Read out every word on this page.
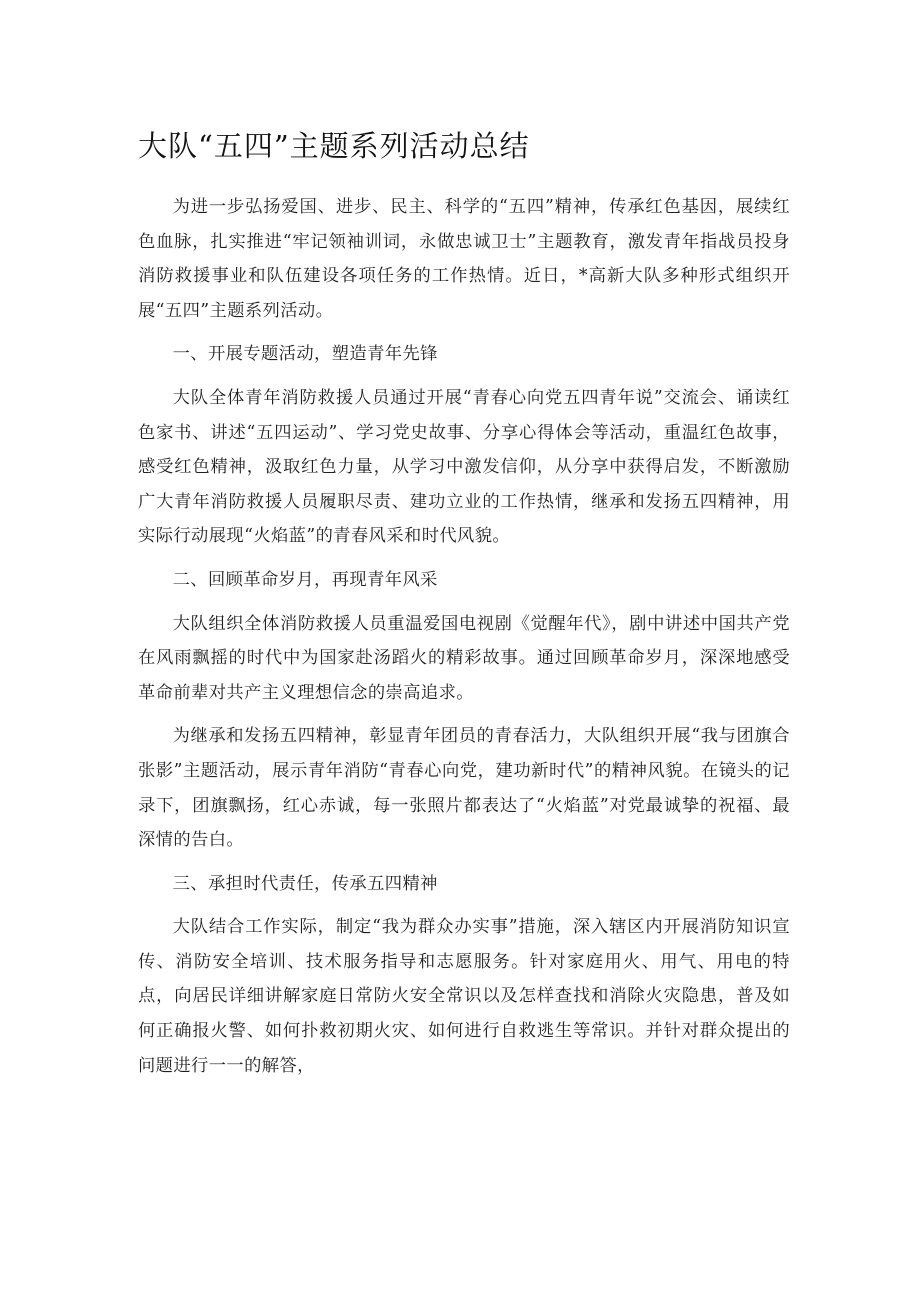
大队“五四”主题系列活动总结

为进一步弘扬爱国、进步、民主、科学的“五四”精神，传承红色基因，展续红色血脉，扎实推进“牢记领袖训词，永做忠诚卫士”主题教育，激发青年指战员投身消防救援事业和队伍建设各项任务的工作热情。近日，*高新大队多种形式组织开展“五四”主题系列活动。

一、开展专题活动，塑造青年先锋

大队全体青年消防救援人员通过开展“青春心向党五四青年说”交流会、诵读红色家书、讲述“五四运动”、学习党史故事、分享心得体会等活动，重温红色故事，感受红色精神，汲取红色力量，从学习中激发信仰，从分享中获得启发，不断激励广大青年消防救援人员履职尽责、建功立业的工作热情，继承和发扬五四精神，用实际行动展现“火焰蓝”的青春风采和时代风貌。

二、回顾革命岁月，再现青年风采

大队组织全体消防救援人员重温爱国电视剧《觉醒年代》，剧中讲述中国共产党在风雨飘摇的时代中为国家赴汤蹈火的精彩故事。通过回顾革命岁月，深深地感受革命前辈对共产主义理想信念的崇高追求。

为继承和发扬五四精神，彰显青年团员的青春活力，大队组织开展“我与团旗合张影”主题活动，展示青年消防“青春心向党，建功新时代”的精神风貌。在镜头的记录下，团旗飘扬，红心赤诚，每一张照片都表达了“火焰蓝”对党最诚挚的祝福、最深情的告白。

三、承担时代责任，传承五四精神

大队结合工作实际，制定“我为群众办实事”措施，深入辖区内开展消防知识宣传、消防安全培训、技术服务指导和志愿服务。针对家庭用火、用气、用电的特点，向居民详细讲解家庭日常防火安全常识以及怎样查找和消除火灾隐患，普及如何正确报火警、如何扑救初期火灾、如何进行自救逃生等常识。并针对群众提出的问题进行一一的解答，
